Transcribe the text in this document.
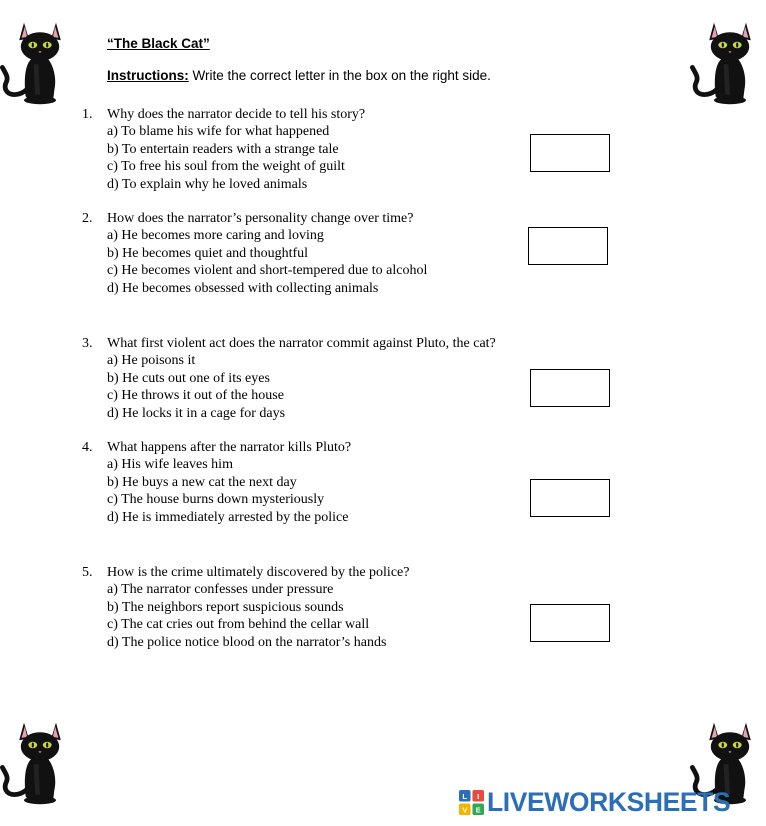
“The Black Cat”
Instructions: Write the correct letter in the box on the right side.
1.	Why does the narrator decide to tell his story?
a) To blame his wife for what happened
b) To entertain readers with a strange tale
c) To free his soul from the weight of guilt
d) To explain why he loved animals
2.	How does the narrator’s personality change over time?
a) He becomes more caring and loving
b) He becomes quiet and thoughtful
c) He becomes violent and short-tempered due to alcohol
d) He becomes obsessed with collecting animals
3.	What first violent act does the narrator commit against Pluto, the cat?
a) He poisons it
b) He cuts out one of its eyes
c) He throws it out of the house
d) He locks it in a cage for days
4.	What happens after the narrator kills Pluto?
a) His wife leaves him
b) He buys a new cat the next day
c) The house burns down mysteriously
d) He is immediately arrested by the police
5.	How is the crime ultimately discovered by the police?
a) The narrator confesses under pressure
b) The neighbors report suspicious sounds
c) The cat cries out from behind the cellar wall
d) The police notice blood on the narrator’s hands
L I
V E LIVEWORKSHEETS
